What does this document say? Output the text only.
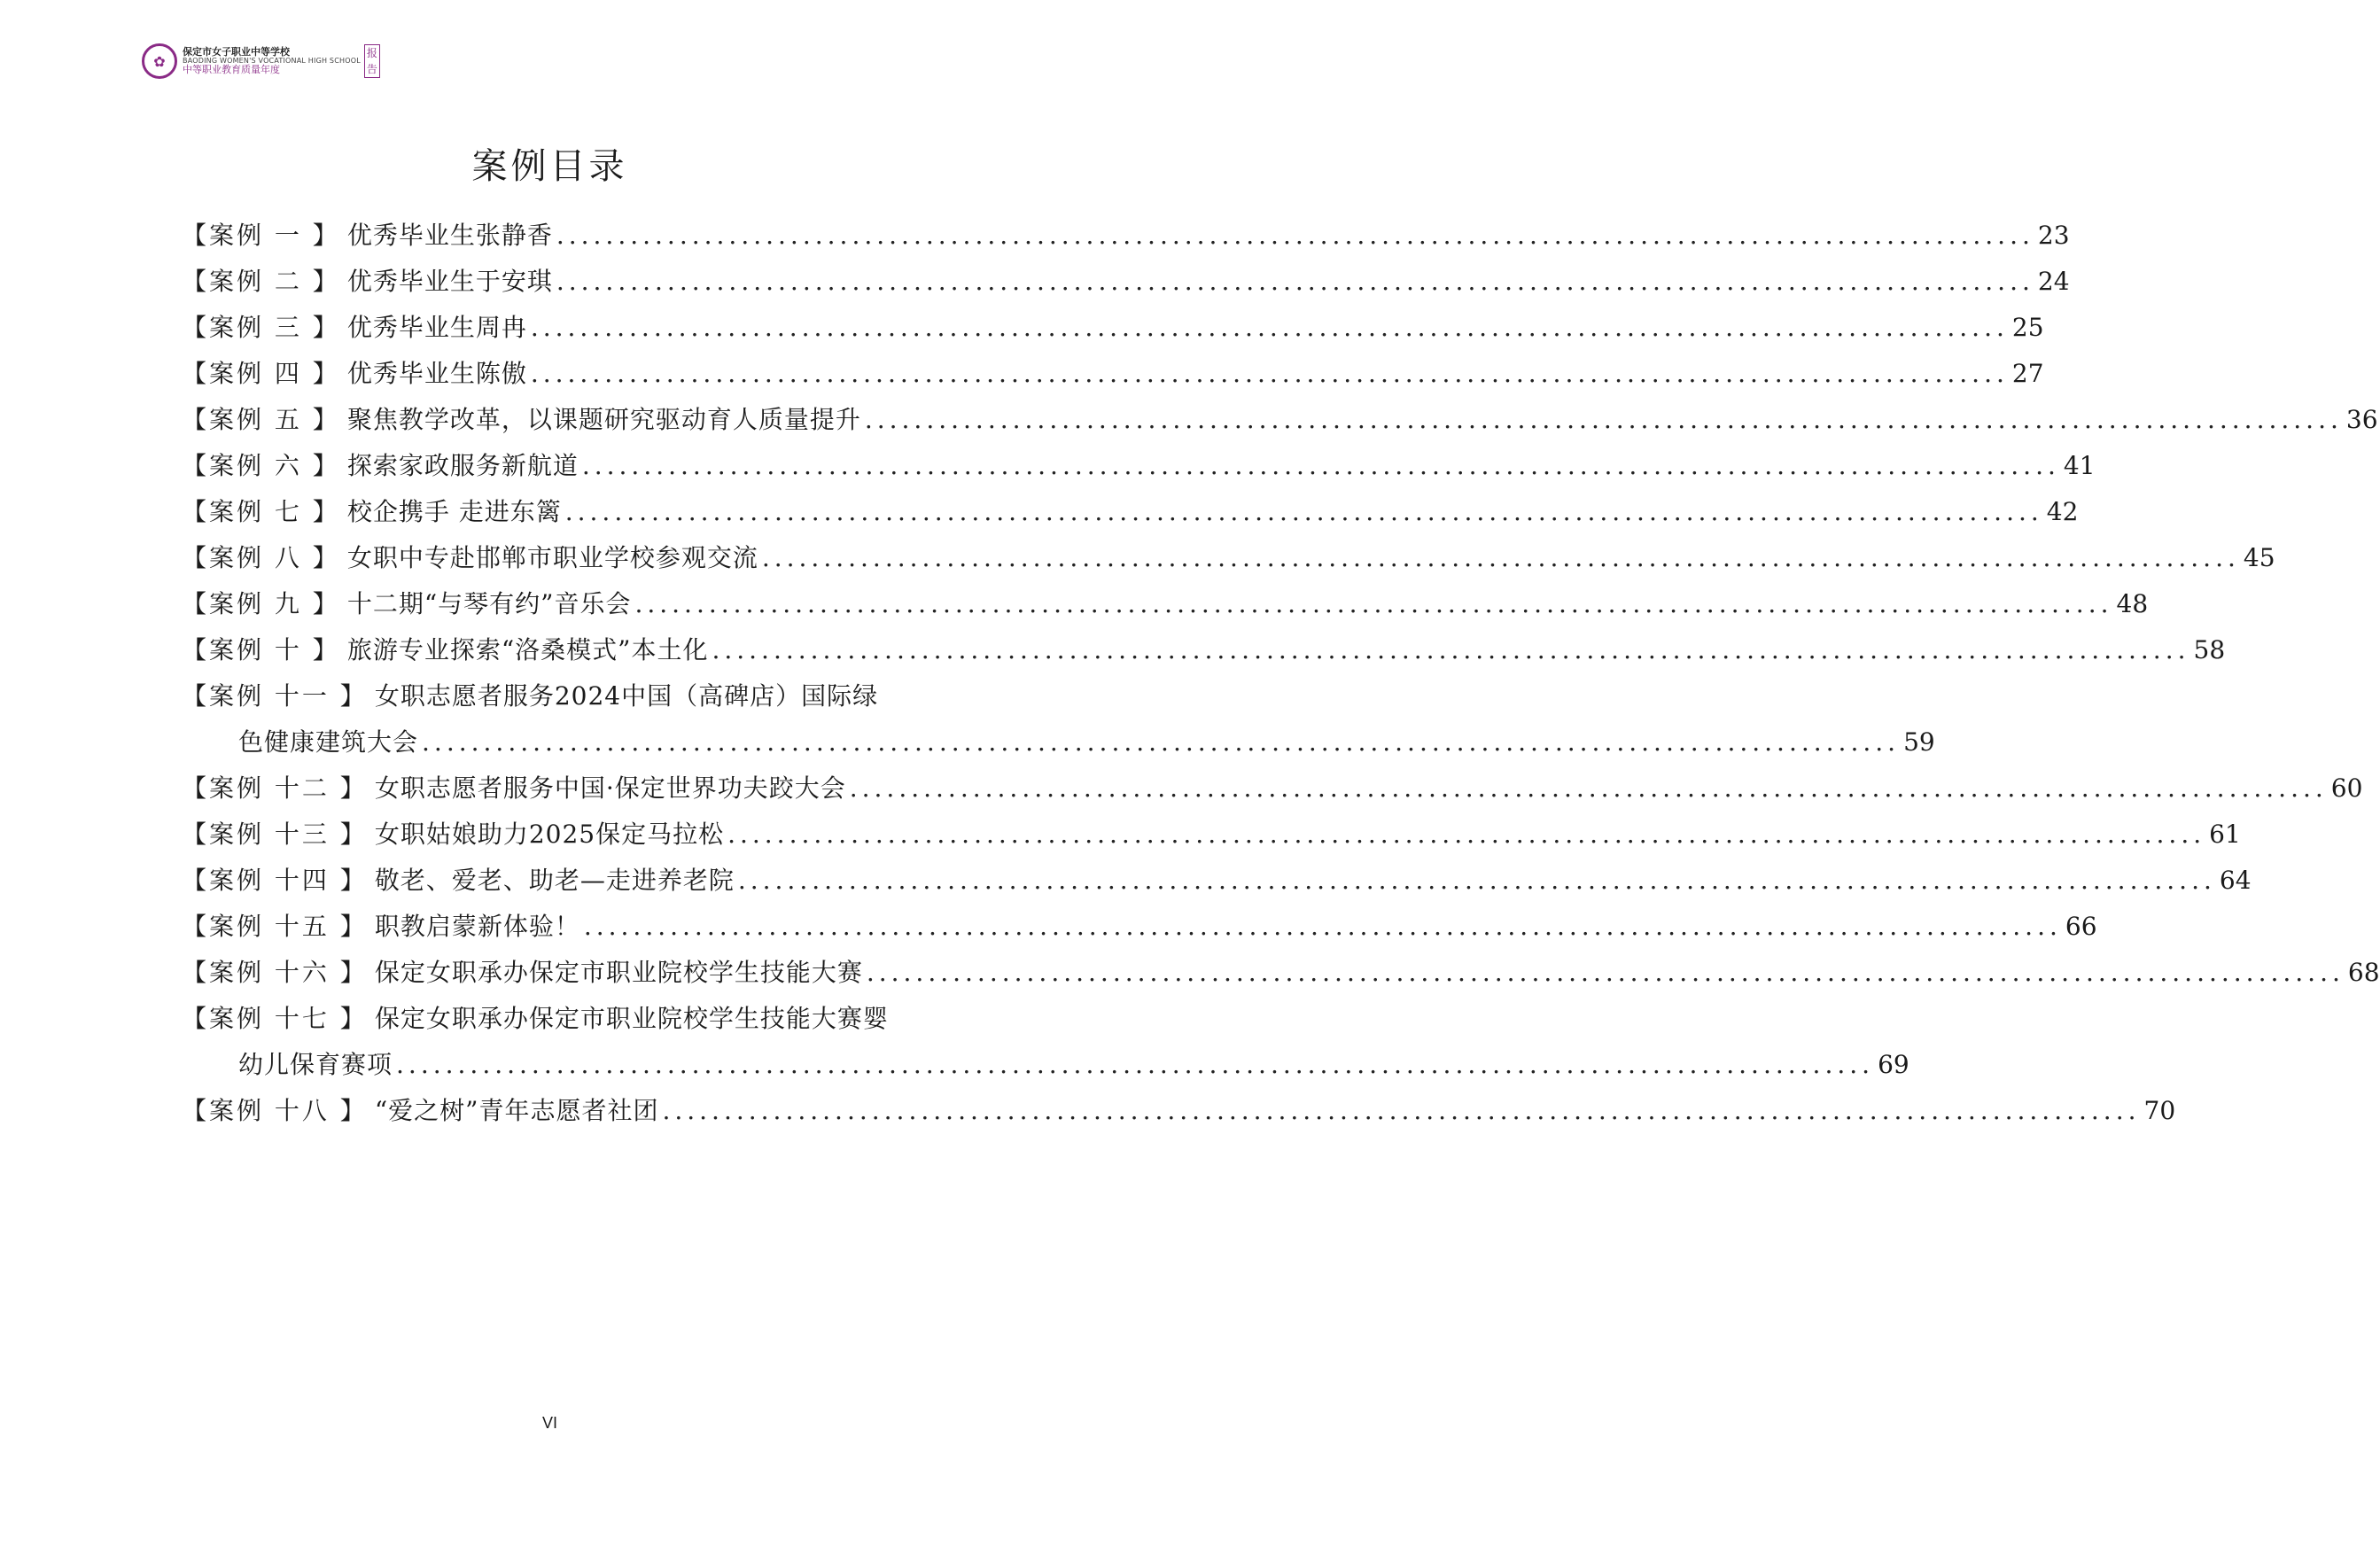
✿
保定市女子职业中等学校
BAODING WOMEN'S VOCATIONAL HIGH SCHOOL
中等职业教育质量年度
报告
案例目录
【案例 一 】 优秀毕业生张静香 ........................................................................................................................ 23
【案例 二 】 优秀毕业生于安琪 ........................................................................................................................ 24
【案例 三 】 优秀毕业生周冉 ........................................................................................................................ 25
【案例 四 】 优秀毕业生陈傲 ........................................................................................................................ 27
【案例 五 】 聚焦教学改革，以课题研究驱动育人质量提升 ........................................................................................................................ 36
【案例 六 】 探索家政服务新航道 ........................................................................................................................ 41
【案例 七 】 校企携手 走进东篱 ........................................................................................................................ 42
【案例 八 】 女职中专赴邯郸市职业学校参观交流 ........................................................................................................................ 45
【案例 九 】 十二期“与琴有约”音乐会 ........................................................................................................................ 48
【案例 十 】 旅游专业探索“洛桑模式”本土化 ........................................................................................................................ 58
【案例 十一 】 女职志愿者服务2024中国（高碑店）国际绿
色健康建筑大会 ........................................................................................................................ 59
【案例 十二 】 女职志愿者服务中国·保定世界功夫跤大会 ........................................................................................................................ 60
【案例 十三 】 女职姑娘助力2025保定马拉松 ........................................................................................................................ 61
【案例 十四 】 敬老、爱老、助老—走进养老院 ........................................................................................................................ 64
【案例 十五 】 职教启蒙新体验！ ........................................................................................................................ 66
【案例 十六 】 保定女职承办保定市职业院校学生技能大赛 ........................................................................................................................ 68
【案例 十七 】 保定女职承办保定市职业院校学生技能大赛婴
幼儿保育赛项 ........................................................................................................................ 69
【案例 十八 】 “爱之树”青年志愿者社团 ........................................................................................................................ 70
VI
